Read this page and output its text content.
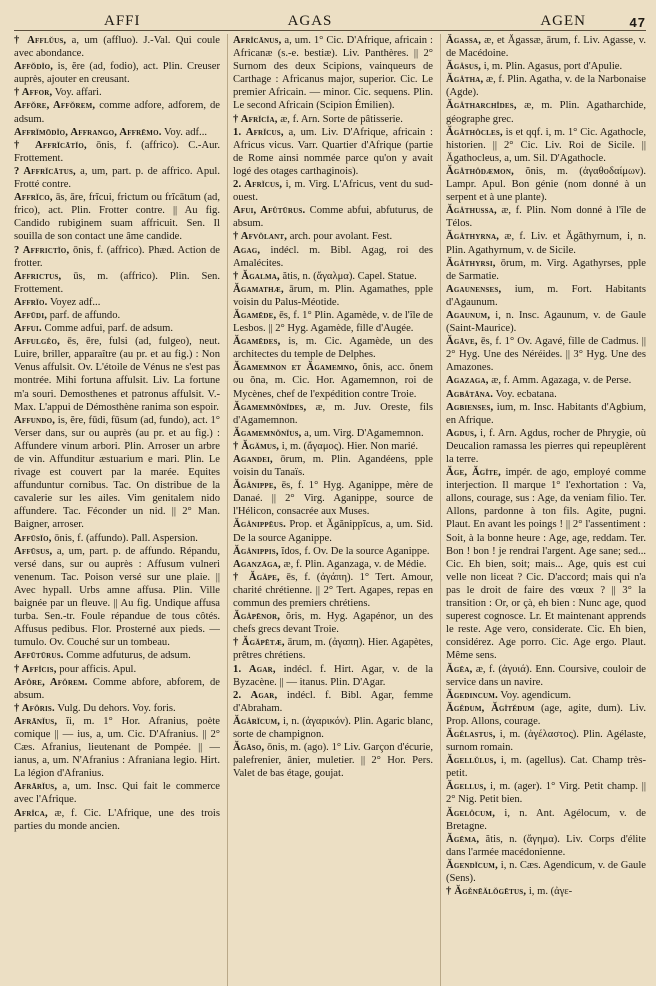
AFFI	AGAS	AGEN	47

† Afflŭus, a, um (affluo). J.-Val. Qui coule avec abondance.

Affŏdĭo, is, ĕre (ad, fodio), act. Plin. Creuser auprès, ajouter en creusant.

† Affor, Voy. affari.

Affŏre, Affŏrem, comme adfore, adforem, de adsum.

Affrĭmōdĭo, Affrango, Affrēmo. Voy. adf...

† Affrĭcātĭo, ōnis, f. (affrico). C.-Aur. Frottement.

? Affrĭcātus, a, um, part. p. de affrico. Apul. Frotté contre.

Affrĭco, ās, āre, frĭcui, frictum ou frĭcātum (ad, frico), act. Plin. Frotter contre. || Au fig. Candido rubiginem suam affricuit. Sen. Il souilla de son contact une âme candide.

? Affrictĭo, ōnis, f. (affrico). Phæd. Action de frotter.

Affrictus, ūs, m. (affrico). Plin. Sen. Frottement.

Affrĭo. Voyez adf...

Affūdi, parf. de affundo.

Affui. Comme adfui, parf. de adsum.

Affulgĕo, ēs, ēre, fulsi (ad, fulgeo), neut. Luire, briller, apparaître (au pr. et au fig.) : Non Venus affulsit. Ov. L'étoile de Vénus ne s'est pas montrée. Mihi fortuna affulsit. Liv. La fortune m'a souri. Demosthenes et patronus affulsit. V.-Max. L'appui de Démosthène ranima son espoir.

Affundo, is, ĕre, fūdi, fūsum (ad, fundo), act. 1° Verser dans, sur ou auprès (au pr. et au fig.) : Affundere vinum arbori. Plin. Arroser un arbre de vin. Affunditur æstuarium e mari. Plin. Le rivage est couvert par la marée. Equites affunduntur cornibus. Tac. On distribue de la cavalerie sur les ailes. Vim genitalem nido affundere. Tac. Féconder un nid. || 2° Man. Baigner, arroser.

Affūsĭo, ōnis, f. (affundo). Pall. Aspersion.

Affūsus, a, um, part. p. de affundo. Répandu, versé dans, sur ou auprès : Affusum vulneri venenum. Tac. Poison versé sur une plaie. || Avec hypall. Urbs amne affusa. Plin. Ville baignée par un fleuve. || Au fig. Undique affusa turba. Sen.-tr. Foule répandue de tous côtés. Affusus pedibus. Flor. Prosterné aux pieds. — tumulo. Ov. Couché sur un tombeau.

Affūtūrus. Comme adfuturus, de adsum.

† Affĭcis, pour afficis. Apul.

Afŏre, Afŏrem. Comme abfore, abforem, de absum.

† Afŏris. Vulg. Du dehors. Voy. foris.

Afrānĭus, ĭi, m. 1° Hor. Afranius, poète comique || — ius, a, um. Cic. D'Afranius. || 2° Cæs. Afranius, lieutenant de Pompée. || — ianus, a, um. N'Afranius : Afraniana legio. Hirt. La légion d'Afranius.

Afrārĭus, a, um. Insc. Qui fait le commerce avec l'Afrique.

Afrĭca, æ, f. Cic. L'Afrique, une des trois parties du monde ancien.

Afrĭcānus, a, um. 1° Cic. D'Afrique, africain : Africanæ (s.-e. bestiæ). Liv. Panthères. || 2° Surnom des deux Scipions, vainqueurs de Carthage : Africanus major, superior. Cic. Le premier Africain. — minor. Cic. sequens. Plin. Le second Africain (Scipion Émilien).

† Afrĭcĭa, æ, f. Arn. Sorte de pâtisserie.

1. Afrĭcus, a, um. Liv. D'Afrique, africain : Africus vicus. Varr. Quartier d'Afrique (partie de Rome ainsi nommée parce qu'on y avait logé des otages carthaginois).

2. Afrĭcus, i, m. Virg. L'Africus, vent du sud-ouest.

Afui, Afŭtūrus. Comme abfui, abfuturus, de absum.

† Afvŏlant, arch. pour avolant. Fest.

Agag, indécl. m. Bibl. Agag, roi des Amalécites.

† Ăgalma, ătis, n. (ἄγαλμα). Capel. Statue.

Ăgamathæ, ārum, m. Plin. Agamathes, pple voisin du Palus-Méotide.

Ăgamēde, ēs, f. 1° Plin. Agamède, v. de l'île de Lesbos. || 2° Hyg. Agamède, fille d'Augée.

Ăgamēdes, is, m. Cic. Agamède, un des architectes du temple de Delphes.

Ăgamemnon et Ăgamemno, ŏnis, acc. ŏnem ou ŏna, m. Cic. Hor. Agamemnon, roi de Mycènes, chef de l'expédition contre Troie.

Ăgamemnŏnĭdes, æ, m. Juv. Oreste, fils d'Agamemnon.

Ăgamemnŏnĭus, a, um. Virg. D'Agamemnon.

† Ăgămus, i, m. (ἄγαμος). Hier. Non marié.

Agandei, ōrum, m. Plin. Agandéens, pple voisin du Tanaïs.

Ăgănippe, ēs, f. 1° Hyg. Aganippe, mère de Danaé. || 2° Virg. Aganippe, source de l'Hélicon, consacrée aux Muses.

Ăgănippēus. Prop. et Ăgănippĭcus, a, um. Sid. De la source Aganippe.

Ăgănippis, ĭdos, f. Ov. De la source Aganippe.

Aganzāga, æ, f. Plin. Aganzaga, v. de Médie.

† Ăgăpe, ēs, f. (ἀγάπη). 1° Tert. Amour, charité chrétienne. || 2° Tert. Agapes, repas en commun des premiers chrétiens.

Ăgăpēnor, ŏris, m. Hyg. Agapénor, un des chefs grecs devant Troie.

† Ăgăpētæ, ārum, m. (ἀγαπη). Hier. Agapètes, prêtres chrétiens.

1. Agar, indécl. f. Hirt. Agar, v. de la Byzacène. || — itanus. Plin. D'Agar.

2. Agar, indécl. f. Bibl. Agar, femme d'Abraham.

Ăgărĭcum, i, n. (ἀγαρικόν). Plin. Agaric blanc, sorte de champignon.

Ăgāso, ōnis, m. (ago). 1° Liv. Garçon d'écurie, palefrenier, ânier, muletier. || 2° Hor. Pers. Valet de bas étage, goujat.

Ăgassa, æ, et Ăgassæ, ārum, f. Liv. Agasse, v. de Macédoine.

Ăgăsus, i, m. Plin. Agasus, port d'Apulie.

Ăgătha, æ, f. Plin. Agatha, v. de la Narbonaise (Agde).

Ăgătharchĭdes, æ, m. Plin. Agatharchide, géographe grec.

Ăgăthŏcles, is et qqf. i, m. 1° Cic. Agathocle, historien. || 2° Cic. Liv. Roi de Sicile. || Ăgathocleus, a, um. Sil. D'Agathocle.

Ăgăthŏdæmon, ŏnis, m. (ἀγαθοδαίμων). Lampr. Apul. Bon génie (nom donné à un serpent et à une plante).

Ăgăthussa, æ, f. Plin. Nom donné à l'île de Télos.

Ăgăthyrna, æ, f. Liv. et Ăgăthyrnum, i, n. Plin. Agathyrnum, v. de Sicile.

Ăgăthyrsi, ōrum, m. Virg. Agathyrses, pple de Sarmatie.

Agaunenses, ium, m. Fort. Habitants d'Agaunum.

Agaunum, i, n. Insc. Agaunum, v. de Gaule (Saint-Maurice).

Ăgāve, ēs, f. 1° Ov. Agavé, fille de Cadmus. || 2° Hyg. Une des Néréides. || 3° Hyg. Une des Amazones.

Agazaga, æ, f. Amm. Agazaga, v. de Perse.

Agbătāna. Voy. ecbatana.

Agbienses, ium, m. Insc. Habitants d'Agbium, en Afrique.

Agdus, i, f. Arn. Agdus, rocher de Phrygie, où Deucalion ramassa les pierres qui repeuplèrent la terre.

Ăge, Ăgĭte, impér. de ago, employé comme interjection. Il marque 1° l'exhortation : Va, allons, courage, sus : Age, da veniam filio. Ter. Allons, pardonne à ton fils. Agite, pugni. Plaut. En avant les poings ! || 2° l'assentiment : Soit, à la bonne heure : Age, age, reddam. Ter. Bon ! bon ! je rendrai l'argent. Age sane; sed... Cic. Eh bien, soit; mais... Age, quis est cui velle non liceat ? Cic. D'accord; mais qui n'a pas le droit de faire des vœux ? || 3° la transition : Or, or çà, eh bien : Nunc age, quod superest cognosce. Lr. Et maintenant apprends le reste. Age vero, considerate. Cic. Eh bien, considérez. Age porro. Cic. Age ergo. Plaut. Même sens.

Ăgēa, æ, f. (ἀγυιά). Enn. Coursive, couloir de service dans un navire.

Ăgedincum. Voy. agendicum.

Ăgĕdum, Ăgĭtĕdum (age, agite, dum). Liv. Prop. Allons, courage.

Ăgĕlastus, i, m. (ἀγέλαστος). Plin. Agélaste, surnom romain.

Ăgellŭlus, i, m. (agellus). Cat. Champ très-petit.

Ăgellus, i, m. (ager). 1° Virg. Petit champ. || 2° Nig. Petit bien.

Ăgelŏcum, i, n. Ant. Agélocum, v. de Bretagne.

Ăgēma, ătis, n. (ἄγημα). Liv. Corps d'élite dans l'armée macédonienne.

Ăgendĭcum, i, n. Cæs. Agendicum, v. de Gaule (Sens).

† Ăgĕnēălŏgētus, i, m. (ἀγε-
